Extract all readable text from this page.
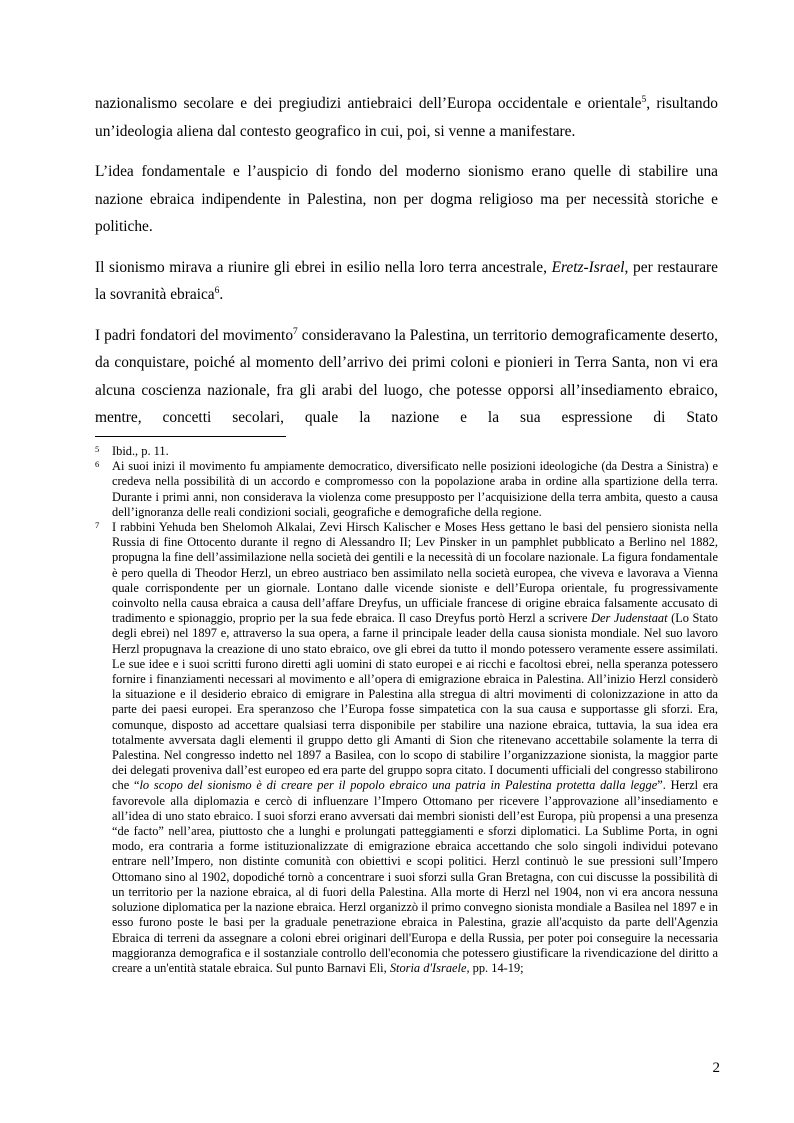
nazionalismo secolare e dei pregiudizi antiebraici dell’Europa occidentale e orientale$^5$, risultando un’ideologia aliena dal contesto geografico in cui, poi, si venne a manifestare.

L’idea fondamentale e l’auspicio di fondo del moderno sionismo erano quelle di stabilire una nazione ebraica indipendente in Palestina, non per dogma religioso ma per necessità storiche e politiche.

Il sionismo mirava a riunire gli ebrei in esilio nella loro terra ancestrale, Eretz-Israel, per restaurare la sovranità ebraica$^6$.

I padri fondatori del movimento$^7$ consideravano la Palestina, un territorio demograficamente deserto, da conquistare, poiché al momento dell’arrivo dei primi coloni e pionieri in Terra Santa, non vi era alcuna coscienza nazionale, fra gli arabi del luogo, che potesse opporsi all’insediamento ebraico, mentre, concetti secolari, quale la nazione e la sua espressione di Stato

5	Ibid., p. 11.
6	Ai suoi inizi il movimento fu ampiamente democratico, diversificato nelle posizioni ideologiche (da Destra a Sinistra) e credeva nella possibilità di un accordo e compromesso con la popolazione araba in ordine alla spartizione della terra. Durante i primi anni, non considerava la violenza come presupposto per l’acquisizione della terra ambita, questo a causa dell’ignoranza delle reali condizioni sociali, geografiche e demografiche della regione.
7	I rabbini Yehuda ben Shelomoh Alkalai, Zevi Hirsch Kalischer e Moses Hess gettano le basi del pensiero sionista nella Russia di fine Ottocento durante il regno di Alessandro II; Lev Pinsker in un pamphlet pubblicato a Berlino nel 1882, propugna la fine dell’assimilazione nella società dei gentili e la necessità di un focolare nazionale. La figura fondamentale è pero quella di Theodor Herzl, un ebreo austriaco ben assimilato nella società europea, che viveva e lavorava a Vienna quale corrispondente per un giornale. Lontano dalle vicende sioniste e dell’Europa orientale, fu progressivamente coinvolto nella causa ebraica a causa dell’affare Dreyfus, un ufficiale francese di origine ebraica falsamente accusato di tradimento e spionaggio, proprio per la sua fede ebraica. Il caso Dreyfus portò Herzl a scrivere Der Judenstaat (Lo Stato degli ebrei) nel 1897 e, attraverso la sua opera, a farne il principale leader della causa sionista mondiale. Nel suo lavoro Herzl propugnava la creazione di uno stato ebraico, ove gli ebrei da tutto il mondo potessero veramente essere assimilati. Le sue idee e i suoi scritti furono diretti agli uomini di stato europei e ai ricchi e facoltosi ebrei, nella speranza potessero fornire i finanziamenti necessari al movimento e all’opera di emigrazione ebraica in Palestina. All’inizio Herzl considerò la situazione e il desiderio ebraico di emigrare in Palestina alla stregua di altri movimenti di colonizzazione in atto da parte dei paesi europei. Era speranzoso che l’Europa fosse simpatetica con la sua causa e supportasse gli sforzi. Era, comunque, disposto ad accettare qualsiasi terra disponibile per stabilire una nazione ebraica, tuttavia, la sua idea era totalmente avversata dagli elementi il gruppo detto gli Amanti di Sion che ritenevano accettabile solamente la terra di Palestina. Nel congresso indetto nel 1897 a Basilea, con lo scopo di stabilire l’organizzazione sionista, la maggior parte dei delegati proveniva dall’est europeo ed era parte del gruppo sopra citato. I documenti ufficiali del congresso stabilirono che “lo scopo del sionismo è di creare per il popolo ebraico una patria in Palestina protetta dalla legge”. Herzl era favorevole alla diplomazia e cercò di influenzare l’Impero Ottomano per ricevere l’approvazione all’insediamento e all’idea di uno stato ebraico. I suoi sforzi erano avversati dai membri sionisti dell’est Europa, più propensi a una presenza “de facto” nell’area, piuttosto che a lunghi e prolungati patteggiamenti e sforzi diplomatici. La Sublime Porta, in ogni modo, era contraria a forme istituzionalizzate di emigrazione ebraica accettando che solo singoli individui potevano entrare nell’Impero, non distinte comunità con obiettivi e scopi politici. Herzl continuò le sue pressioni sull’Impero Ottomano sino al 1902, dopodiché tornò a concentrare i suoi sforzi sulla Gran Bretagna, con cui discusse la possibilità di un territorio per la nazione ebraica, al di fuori della Palestina. Alla morte di Herzl nel 1904, non vi era ancora nessuna soluzione diplomatica per la nazione ebraica. Herzl organizzò il primo convegno sionista mondiale a Basilea nel 1897 e in esso furono poste le basi per la graduale penetrazione ebraica in Palestina, grazie all'acquisto da parte dell'Agenzia Ebraica di terreni da assegnare a coloni ebrei originari dell'Europa e della Russia, per poter poi conseguire la necessaria maggioranza demografica e il sostanziale controllo dell'economia che potessero giustificare la rivendicazione del diritto a creare a un'entità statale ebraica. Sul punto Barnavi Eli, Storia d'Israele, pp. 14-19;
2
